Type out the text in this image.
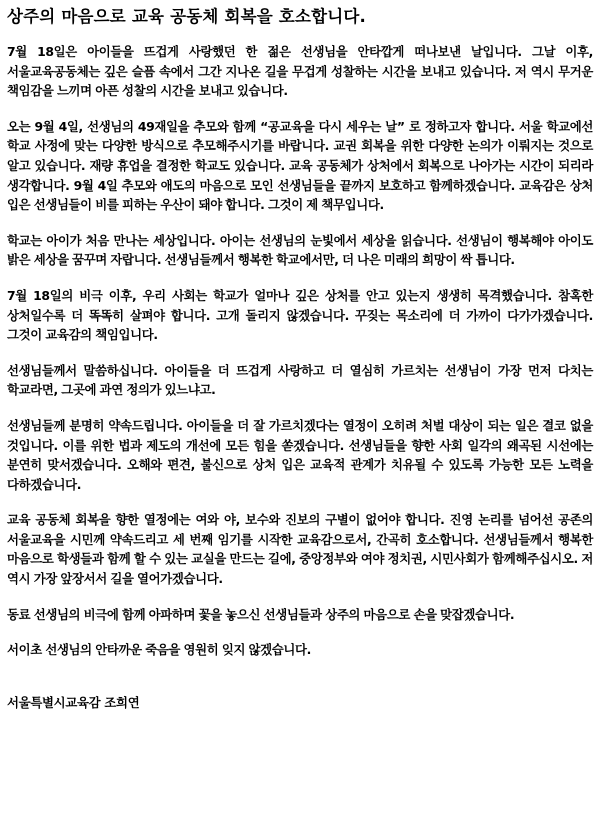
상주의 마음으로 교육 공동체 회복을 호소합니다.
7월 18일은 아이들을 뜨겁게 사랑했던 한 젊은 선생님을 안타깝게 떠나보낸 날입니다. 그날 이후, 서울교육공동체는 깊은 슬픔 속에서 그간 지나온 길을 무겁게 성찰하는 시간을 보내고 있습니다. 저 역시 무거운 책임감을 느끼며 아픈 성찰의 시간을 보내고 있습니다.
오는 9월 4일, 선생님의 49재일을 추모와 함께 “공교육을 다시 세우는 날” 로 정하고자 합니다. 서울 학교에선 학교 사정에 맞는 다양한 방식으로 추모해주시기를 바랍니다. 교권 회복을 위한 다양한 논의가 이뤄지는 것으로 알고 있습니다. 재량 휴업을 결정한 학교도 있습니다. 교육 공동체가 상처에서 회복으로 나아가는 시간이 되리라 생각합니다. 9월 4일 추모와 애도의 마음으로 모인 선생님들을 끝까지 보호하고 함께하겠습니다. 교육감은 상처 입은 선생님들이 비를 피하는 우산이 돼야 합니다. 그것이 제 책무입니다.
학교는 아이가 처음 만나는 세상입니다. 아이는 선생님의 눈빛에서 세상을 읽습니다. 선생님이 행복해야 아이도 밝은 세상을 꿈꾸며 자랍니다. 선생님들께서 행복한 학교에서만, 더 나은 미래의 희망이 싹 틉니다.
7월 18일의 비극 이후, 우리 사회는 학교가 얼마나 깊은 상처를 안고 있는지 생생히 목격했습니다. 참혹한 상처일수록 더 똑똑히 살펴야 합니다. 고개 돌리지 않겠습니다. 꾸짖는 목소리에 더 가까이 다가가겠습니다. 그것이 교육감의 책임입니다.
선생님들께서 말씀하십니다. 아이들을 더 뜨겁게 사랑하고 더 열심히 가르치는 선생님이 가장 먼저 다치는 학교라면, 그곳에 과연 정의가 있느냐고.
선생님들께 분명히 약속드립니다. 아이들을 더 잘 가르치겠다는 열정이 오히려 처벌 대상이 되는 일은 결코 없을 것입니다. 이를 위한 법과 제도의 개선에 모든 힘을 쏟겠습니다. 선생님들을 향한 사회 일각의 왜곡된 시선에는 분연히 맞서겠습니다. 오해와 편견, 불신으로 상처 입은 교육적 관계가 치유될 수 있도록 가능한 모든 노력을 다하겠습니다.
교육 공동체 회복을 향한 열정에는 여와 야, 보수와 진보의 구별이 없어야 합니다. 진영 논리를 넘어선 공존의 서울교육을 시민께 약속드리고 세 번째 임기를 시작한 교육감으로서, 간곡히 호소합니다. 선생님들께서 행복한 마음으로 학생들과 함께 할 수 있는 교실을 만드는 길에, 중앙정부와 여야 정치권, 시민사회가 함께해주십시오. 저 역시 가장 앞장서서 길을 열어가겠습니다.
동료 선생님의 비극에 함께 아파하며 꽃을 놓으신 선생님들과 상주의 마음으로 손을 맞잡겠습니다.
서이초 선생님의 안타까운 죽음을 영원히 잊지 않겠습니다.
서울특별시교육감 조희연
